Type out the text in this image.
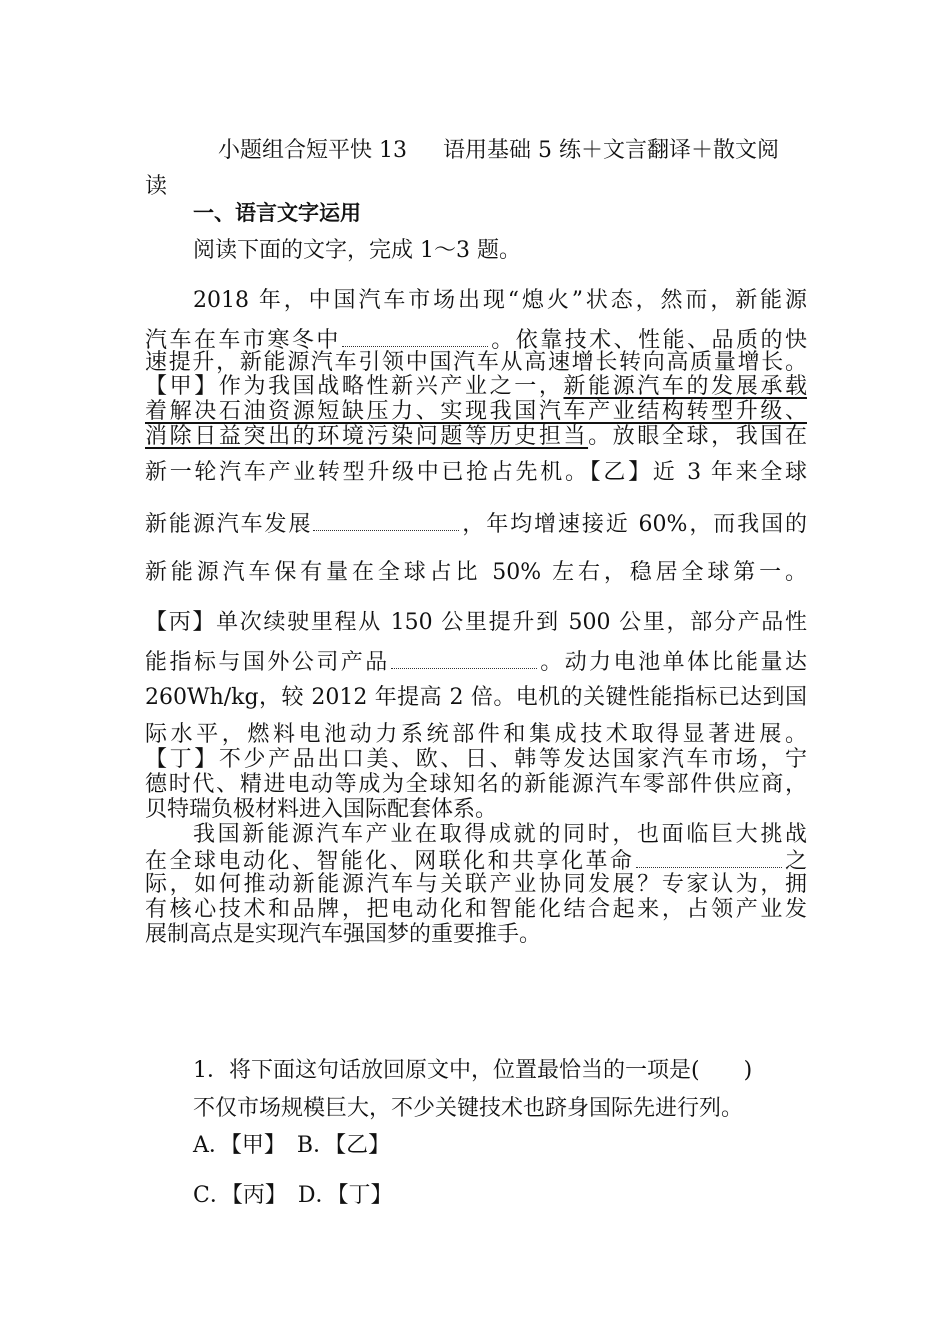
小题组合短平快 13 语用基础 5 练＋文言翻译＋散文阅
读
一、语言文字运用
阅读下面的文字，完成 1～3 题。
2018 年，中国汽车市场出现“熄火”状态，然而，新能源
汽车在车市寒冬中	。依靠技术、性能、品质的快
速提升，新能源汽车引领中国汽车从高速增长转向高质量增长。
【甲】作为我国战略性新兴产业之一，新能源汽车的发展承载
着解决石油资源短缺压力、实现我国汽车产业结构转型升级、
消除日益突出的环境污染问题等历史担当。放眼全球，我国在
新一轮汽车产业转型升级中已抢占先机。【乙】近 3 年来全球
新能源汽车发展	，年均增速接近 60%，而我国的
新能源汽车保有量在全球占比 50% 左右，稳居全球第一。
【丙】单次续驶里程从 150 公里提升到 500 公里，部分产品性
能指标与国外公司产品	。动力电池单体比能量达
260Wh/kg，较 2012 年提高 2 倍。电机的关键性能指标已达到国
际水平，燃料电池动力系统部件和集成技术取得显著进展。
【丁】不少产品出口美、欧、日、韩等发达国家汽车市场，宁
德时代、精进电动等成为全球知名的新能源汽车零部件供应商，
贝特瑞负极材料进入国际配套体系。
我国新能源汽车产业在取得成就的同时，也面临巨大挑战
在全球电动化、智能化、网联化和共享化革命	之
际，如何推动新能源汽车与关联产业协同发展？专家认为，拥
有核心技术和品牌，把电动化和智能化结合起来，占领产业发
展制高点是实现汽车强国梦的重要推手。
1．将下面这句话放回原文中，位置最恰当的一项是(　　)
不仅市场规模巨大，不少关键技术也跻身国际先进行列。
A．【甲】　 B．【乙】
C．【丙】　 D．【丁】
